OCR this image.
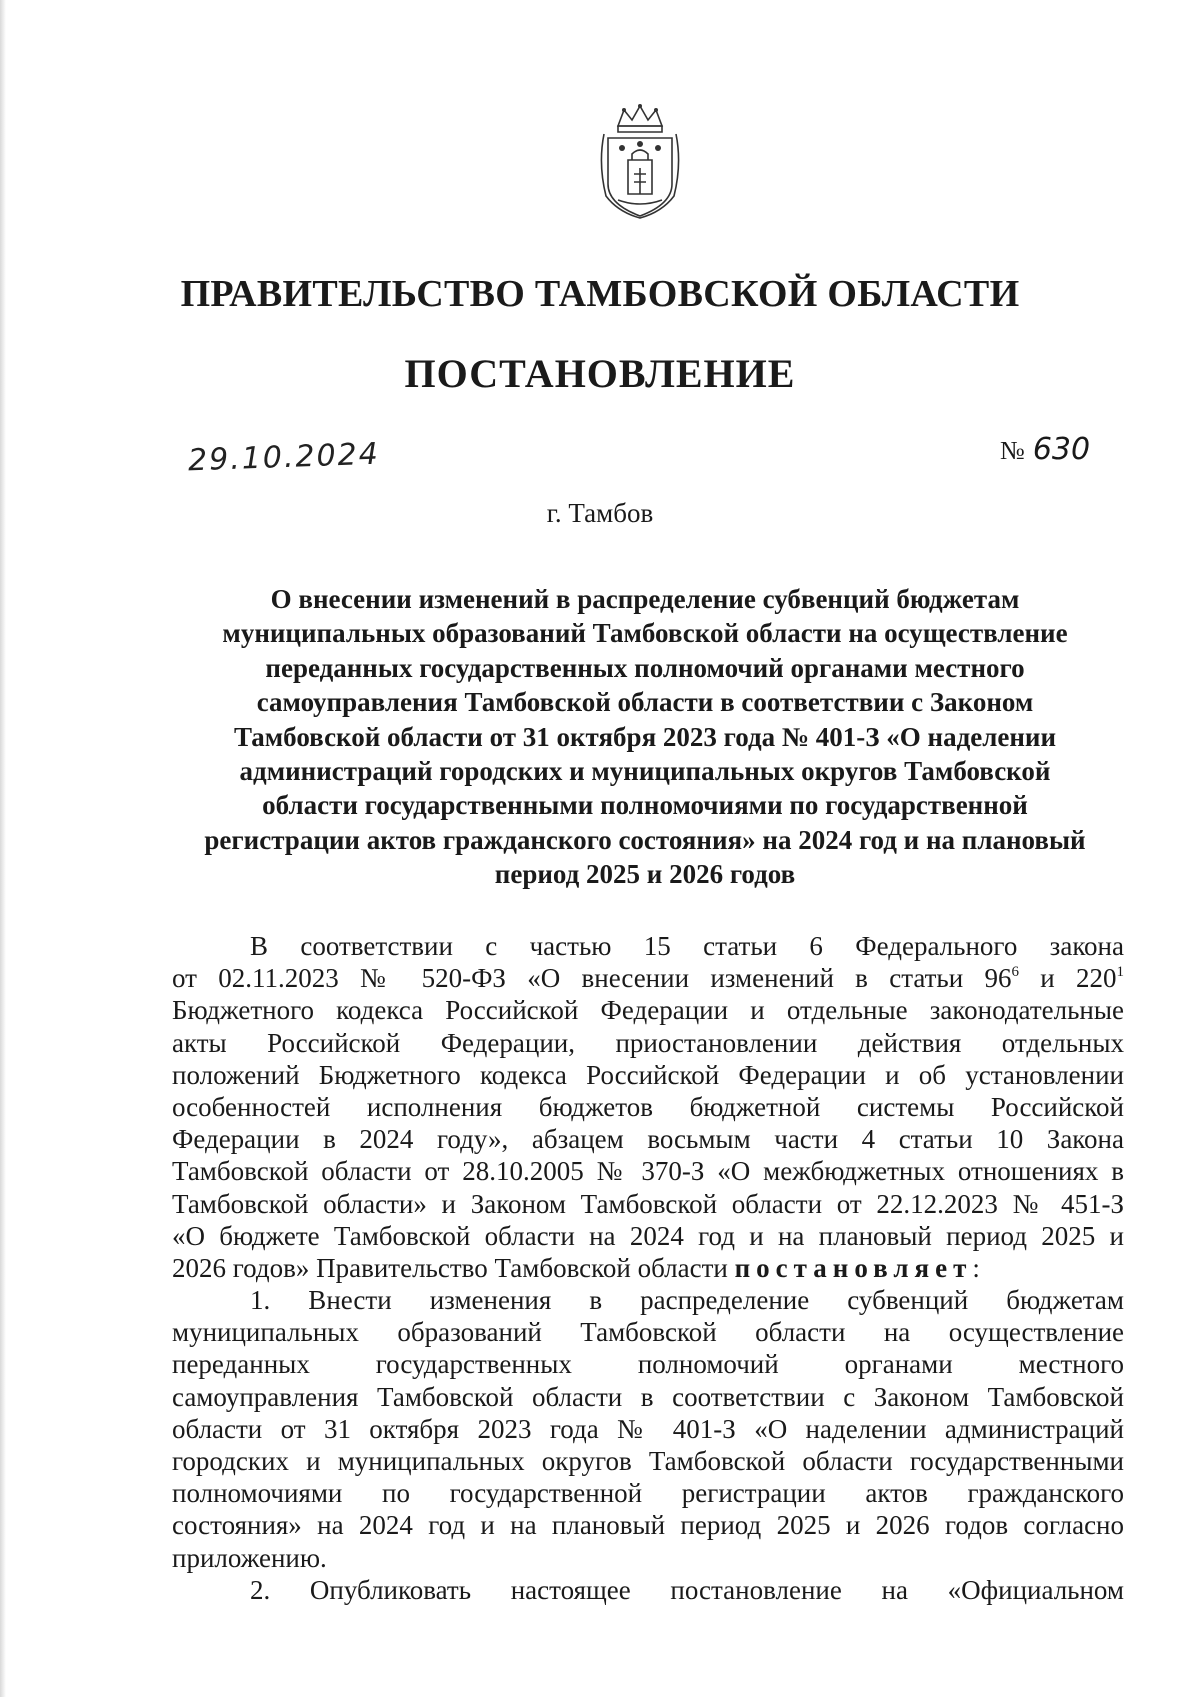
ПРАВИТЕЛЬСТВО ТАМБОВСКОЙ ОБЛАСТИ
ПОСТАНОВЛЕНИЕ
29.10.2024	№ 630
г. Тамбов
О внесении изменений в распределение субвенций бюджетам
муниципальных образований Тамбовской области на осуществление
переданных государственных полномочий органами местного
самоуправления Тамбовской области в соответствии с Законом
Тамбовской области от 31 октября 2023 года № 401-З «О наделении
администраций городских и муниципальных округов Тамбовской
области государственными полномочиями по государственной
регистрации актов гражданского состояния» на 2024 год и на плановый
период 2025 и 2026 годов
В соответствии с частью 15 статьи 6 Федерального закона
от 02.11.2023 № 520-ФЗ «О внесении изменений в статьи $96^6$ и $220^1$
Бюджетного кодекса Российской Федерации и отдельные законодательные
акты Российской Федерации, приостановлении действия отдельных
положений Бюджетного кодекса Российской Федерации и об установлении
особенностей исполнения бюджетов бюджетной системы Российской
Федерации в 2024 году», абзацем восьмым части 4 статьи 10 Закона
Тамбовской области от 28.10.2005 № 370-З «О межбюджетных отношениях в
Тамбовской области» и Законом Тамбовской области от 22.12.2023 № 451-З
«О бюджете Тамбовской области на 2024 год и на плановый период 2025 и
2026 годов» Правительство Тамбовской области постановляет:
1. Внести изменения в распределение субвенций бюджетам
муниципальных образований Тамбовской области на осуществление
переданных государственных полномочий органами местного
самоуправления Тамбовской области в соответствии с Законом Тамбовской
области от 31 октября 2023 года № 401-З «О наделении администраций
городских и муниципальных округов Тамбовской области государственными
полномочиями по государственной регистрации актов гражданского
состояния» на 2024 год и на плановый период 2025 и 2026 годов согласно
приложению.
2. Опубликовать настоящее постановление на «Официальном
